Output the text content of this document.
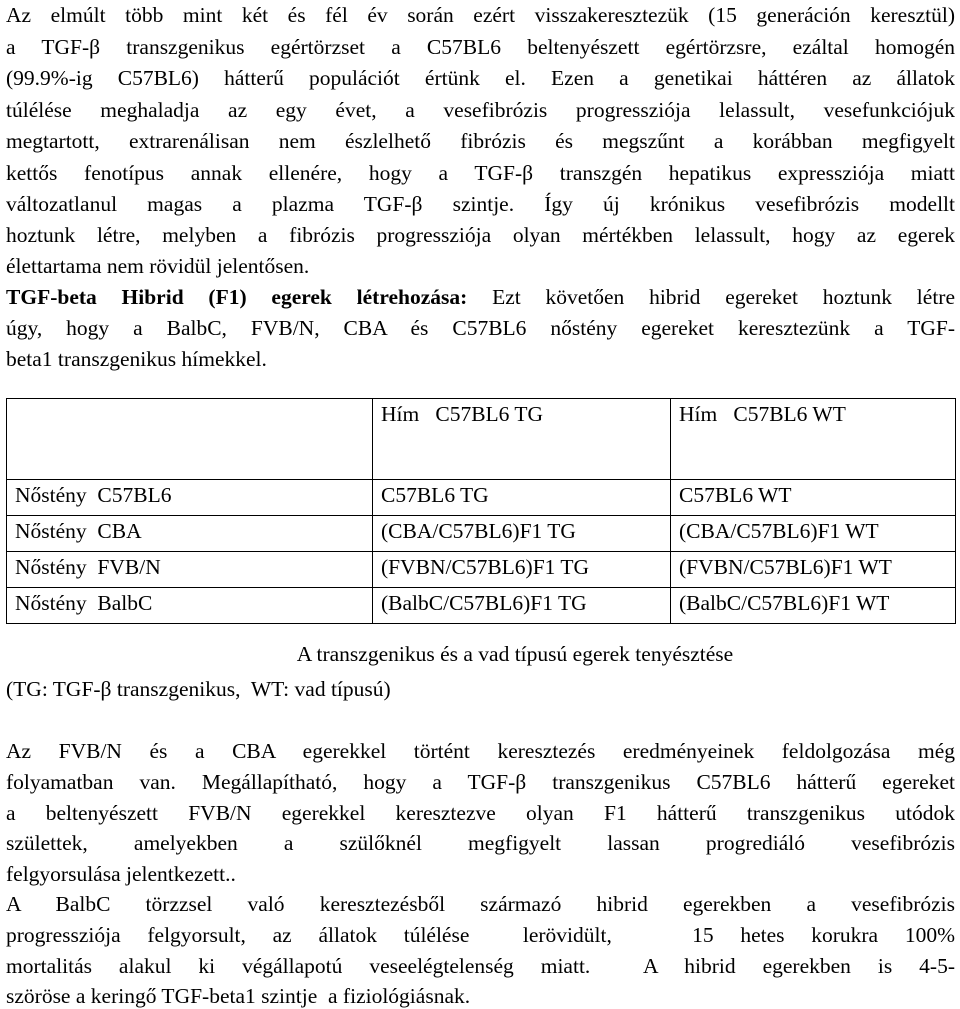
Az elmúlt több mint két és fél év során ezért visszakeresztezük (15 generáción keresztül)
a TGF-β transzgenikus egértörzset a C57BL6 beltenyészett egértörzsre, ezáltal homogén
(99.9%-ig C57BL6) hátterű populációt értünk el. Ezen a genetikai háttéren az állatok
túlélése meghaladja az egy évet, a vesefibrózis progressziója lelassult, vesefunkciójuk
megtartott, extrarenálisan nem észlelhető fibrózis és megszűnt a korábban megfigyelt
kettős fenotípus annak ellenére, hogy a TGF-β transzgén hepatikus expressziója miatt
változatlanul magas a plazma TGF-β szintje. Így új krónikus vesefibrózis modellt
hoztunk létre, melyben a fibrózis progressziója olyan mértékben lelassult, hogy az egerek
élettartama nem rövidül jelentősen.
TGF-beta Hibrid (F1) egerek létrehozása: Ezt követően hibrid egereket hoztunk létre
úgy, hogy a BalbC, FVB/N, CBA és C57BL6 nőstény egereket keresztezünk a TGF-
beta1 transzgenikus hímekkel.
	Hím   C57BL6 TG	Hím   C57BL6 WT
Nőstény  C57BL6	C57BL6 TG	C57BL6 WT
Nőstény  CBA	(CBA/C57BL6)F1 TG	(CBA/C57BL6)F1 WT
Nőstény  FVB/N	(FVBN/C57BL6)F1 TG	(FVBN/C57BL6)F1 WT
Nőstény  BalbC	(BalbC/C57BL6)F1 TG	(BalbC/C57BL6)F1 WT
A transzgenikus és a vad típusú egerek tenyésztése
(TG: TGF-β transzgenikus,  WT: vad típusú)
Az FVB/N és a CBA egerekkel történt keresztezés eredményeinek feldolgozása még
folyamatban van. Megállapítható, hogy a TGF-β transzgenikus C57BL6 hátterű egereket
a beltenyészett FVB/N egerekkel keresztezve olyan F1 hátterű transzgenikus utódok
születtek,  amelyekben  a  szülőknél  megfigyelt  lassan  progrediáló  vesefibrózis
felgyorsulása jelentkezett..
A BalbC törzzsel való keresztezésből származó hibrid egerekben a vesefibrózis
progressziója felgyorsult, az állatok túlélése  lerövidült,   15 hetes korukra 100%
mortalitás alakul ki végállapotú veseelégtelenség miatt.  A hibrid egerekben is 4-5-
szöröse a keringő TGF-beta1 szintje  a fiziológiásnak.
